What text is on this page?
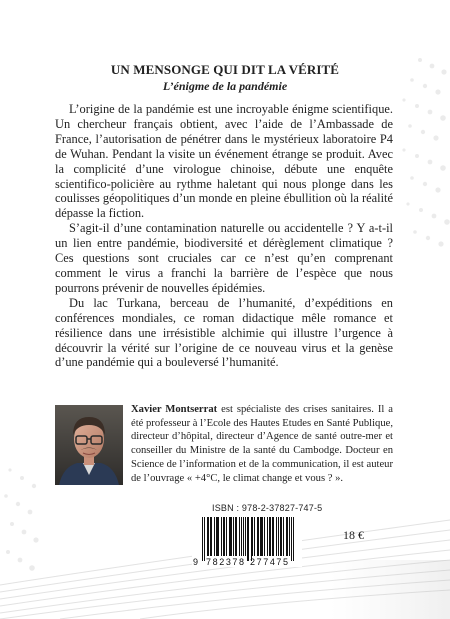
UN MENSONGE QUI DIT LA VÉRITÉ
L’énigme de la pandémie

L’origine de la pandémie est une incroyable énigme scientifique. Un chercheur français obtient, avec l’aide de l’Ambassade de France, l’autorisation de pénétrer dans le mystérieux laboratoire P4 de Wuhan. Pendant la visite un événement étrange se produit. Avec la complicité d’une virologue chinoise, débute une enquête scientifico-policière au rythme haletant qui nous plonge dans les coulisses géopolitiques d’un monde en pleine ébullition où la réalité dépasse la fiction.

S’agit-il d’une contamination naturelle ou accidentelle ? Y a-t-il un lien entre pandémie, biodiversité et dérèglement climatique ? Ces questions sont cruciales car ce n’est qu’en comprenant comment le virus a franchi la barrière de l’espèce que nous pourrons prévenir de nouvelles épidémies.

Du lac Turkana, berceau de l’humanité, d’expéditions en conférences mondiales, ce roman didactique mêle romance et résilience dans une irrésistible alchimie qui illustre l’urgence à découvrir la vérité sur l’origine de ce nouveau virus et la genèse d’une pandémie qui a bouleversé l’humanité.

Xavier Montserrat est spécialiste des crises sanitaires. Il a été professeur à l’Ecole des Hautes Etudes en Santé Publique, directeur d’hôpital, directeur d’Agence de santé outre-mer et conseiller du Ministre de la santé du Cambodge. Docteur en Science de l’information et de la communication, il est auteur de l’ouvrage « +4°C, le climat change et vous ? ».
ISBN : 978-2-37827-747-5
9 782378 277475
18 €
